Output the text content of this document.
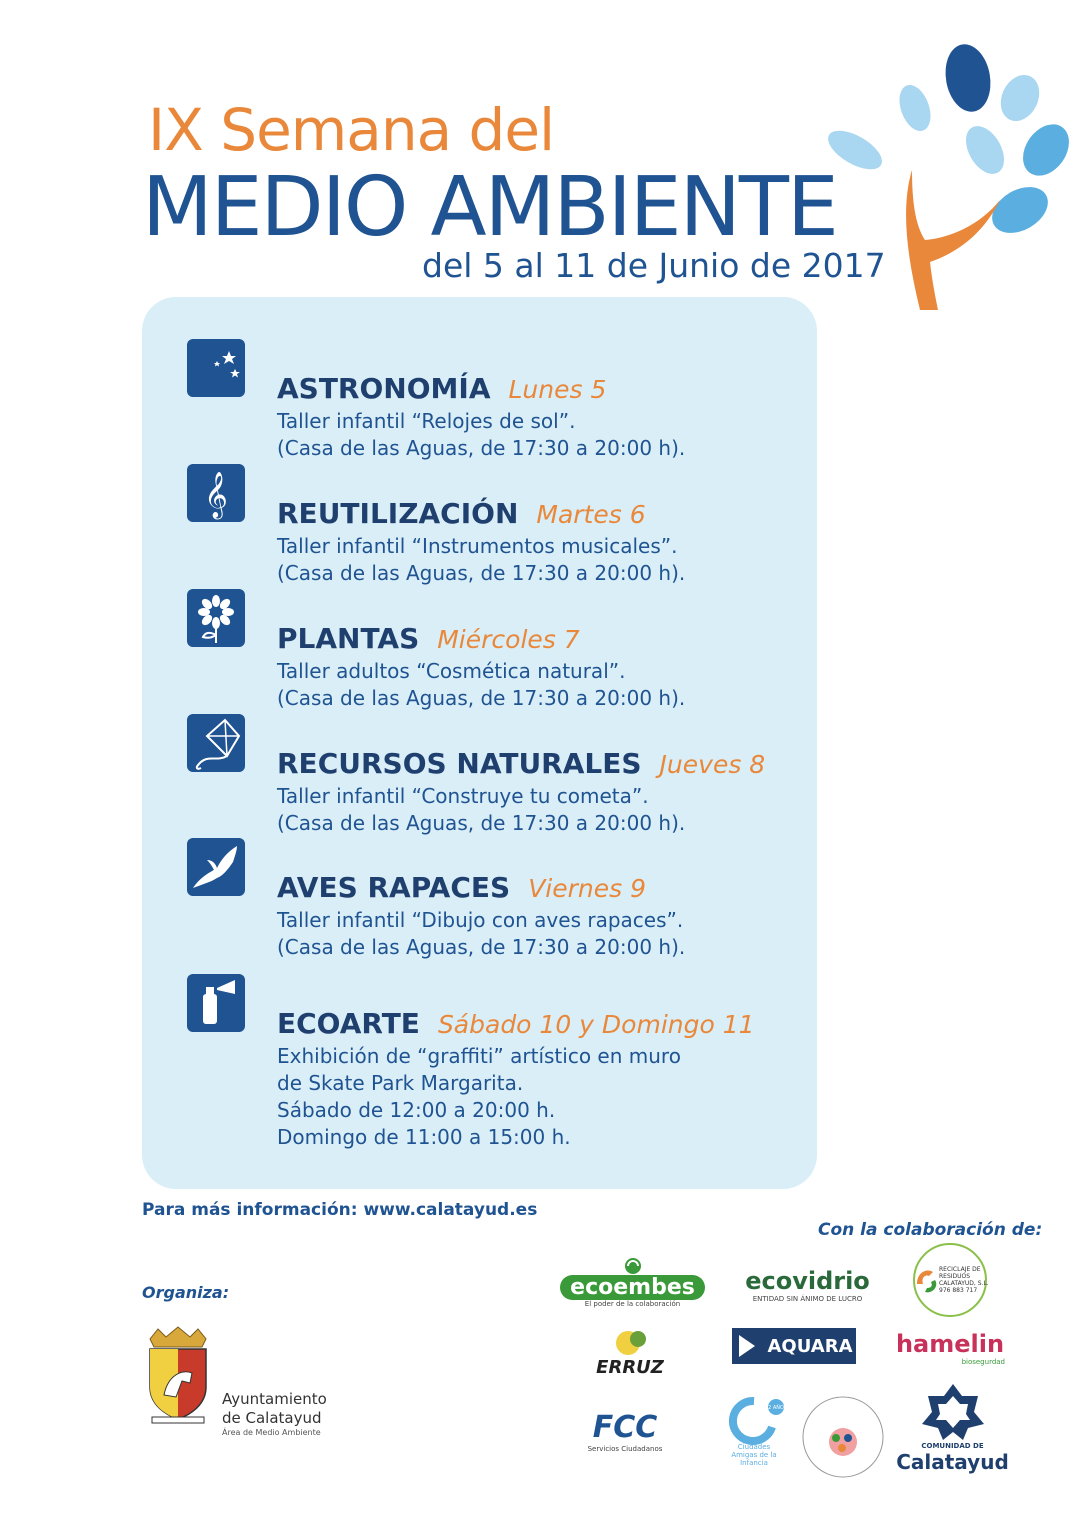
IX Semana del
MEDIO AMBIENTE
del 5 al 11 de Junio de 2017
ASTRONOMÍA Lunes 5
Taller infantil “Relojes de sol”.
(Casa de las Aguas, de 17:30 a 20:00 h).
𝄞 REUTILIZACIÓN Martes 6
Taller infantil “Instrumentos musicales”.
(Casa de las Aguas, de 17:30 a 20:00 h).
PLANTAS Miércoles 7
Taller adultos “Cosmética natural”.
(Casa de las Aguas, de 17:30 a 20:00 h).
RECURSOS NATURALES Jueves 8
Taller infantil “Construye tu cometa”.
(Casa de las Aguas, de 17:30 a 20:00 h).
AVES RAPACES Viernes 9
Taller infantil “Dibujo con aves rapaces”.
(Casa de las Aguas, de 17:30 a 20:00 h).
ECOARTE Sábado 10 y Domingo 11
Exhibición de “graffiti” artístico en muro
de Skate Park Margarita.
Sábado de 12:00 a 20:00 h.
Domingo de 11:00 a 15:00 h.
Para más información: www.calatayud.es
Con la colaboración de:
Organiza:
Ayuntamiento
de Calatayud
Área de Medio Ambiente
ecoembes
El poder de la colaboración
ecovidrio
ENTIDAD SIN ÁNIMO DE LUCRO
RECICLAJE DE RESIDUOS CALATAYUD, S.L.
976 883 717
ERRUZ
AQUARA hamelin
biosegurdad
FCC
Servicios Ciudadanos
12 AÑOS
Ciudades Amigas de la Infancia
COMUNIDAD DE
Calatayud
